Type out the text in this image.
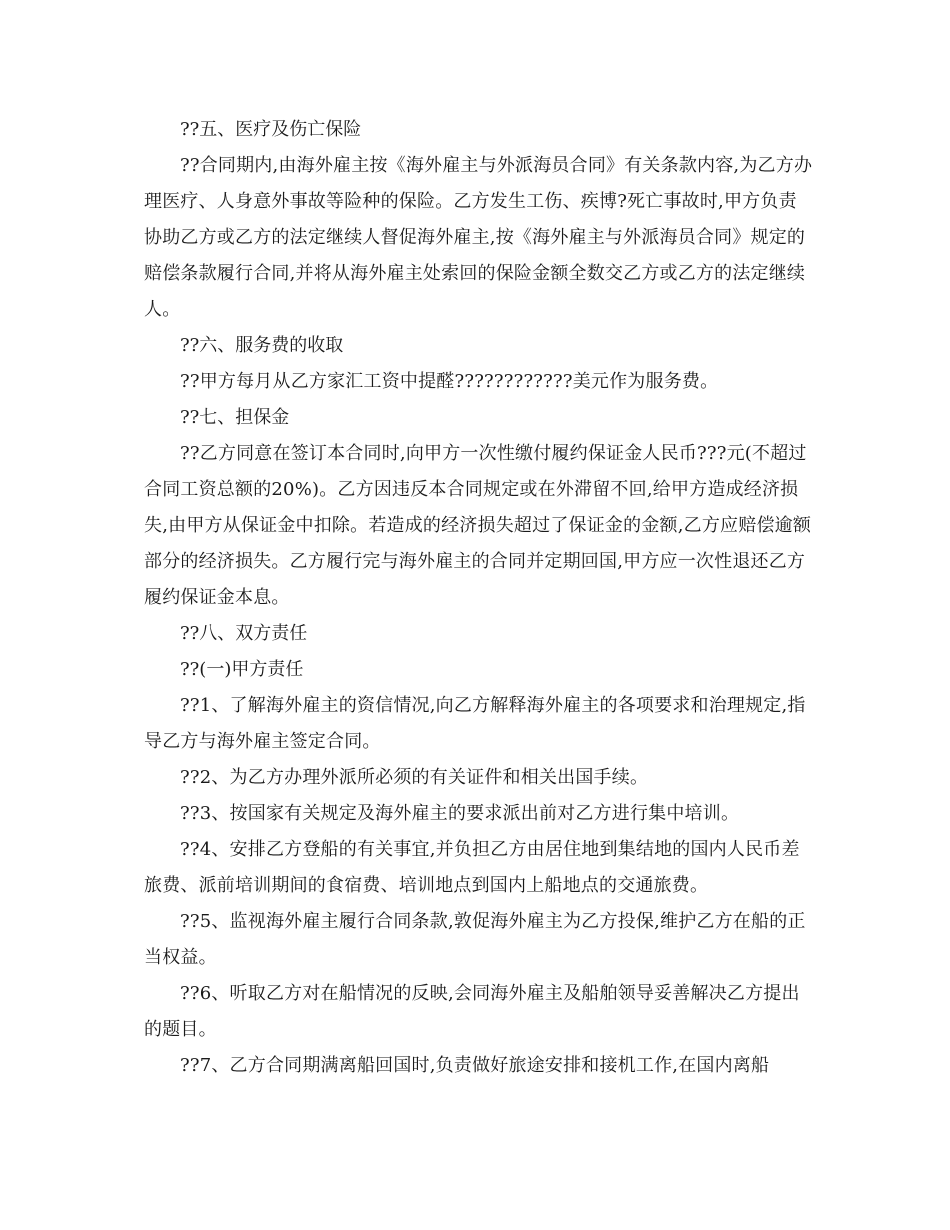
??五、医疗及伤亡保险

??合同期内,由海外雇主按《海外雇主与外派海员合同》有关条款内容,为乙方办理医疗、人身意外事故等险种的保险。乙方发生工伤、疾博?死亡事故时,甲方负责协助乙方或乙方的法定继续人督促海外雇主,按《海外雇主与外派海员合同》规定的赔偿条款履行合同,并将从海外雇主处索回的保险金额全数交乙方或乙方的法定继续人。

??六、服务费的收取

??甲方每月从乙方家汇工资中提醛????????????美元作为服务费。

??七、担保金

??乙方同意在签订本合同时,向甲方一次性缴付履约保证金人民币???元(不超过合同工资总额的20%)。乙方因违反本合同规定或在外滞留不回,给甲方造成经济损失,由甲方从保证金中扣除。若造成的经济损失超过了保证金的金额,乙方应赔偿逾额部分的经济损失。乙方履行完与海外雇主的合同并定期回国,甲方应一次性退还乙方履约保证金本息。

??八、双方责任

??(一)甲方责任

??1、了解海外雇主的资信情况,向乙方解释海外雇主的各项要求和治理规定,指导乙方与海外雇主签定合同。

??2、为乙方办理外派所必须的有关证件和相关出国手续。

??3、按国家有关规定及海外雇主的要求派出前对乙方进行集中培训。

??4、安排乙方登船的有关事宜,并负担乙方由居住地到集结地的国内人民币差旅费、派前培训期间的食宿费、培训地点到国内上船地点的交通旅费。

??5、监视海外雇主履行合同条款,敦促海外雇主为乙方投保,维护乙方在船的正当权益。

??6、听取乙方对在船情况的反映,会同海外雇主及船舶领导妥善解决乙方提出的题目。

??7、乙方合同期满离船回国时,负责做好旅途安排和接机工作,在国内离船
